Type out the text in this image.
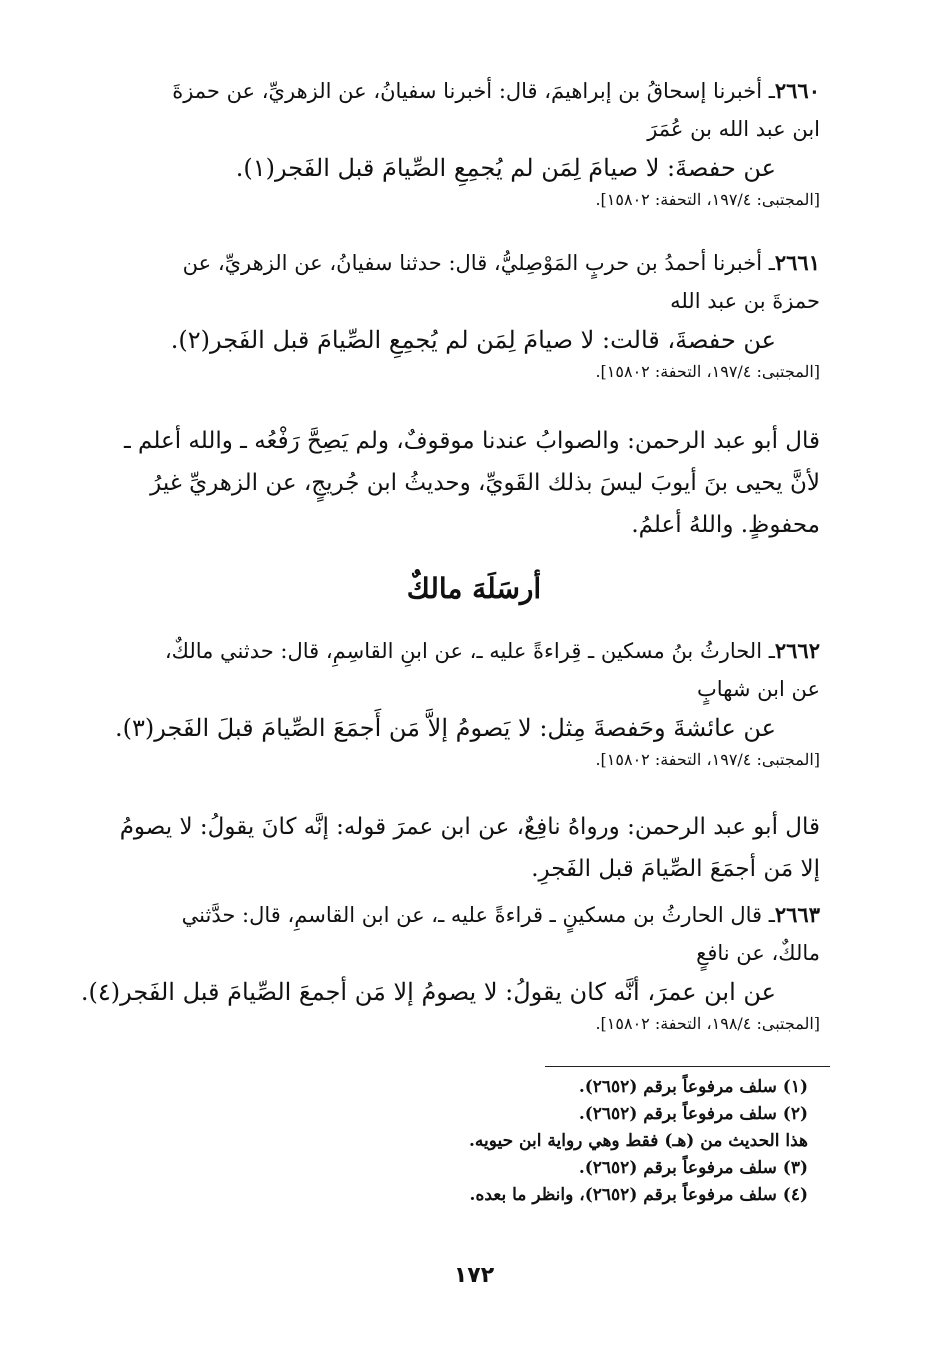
٢٦٦٠ـ أخبرنا إسحاقُ بن إبراهيمَ، قال: أخبرنا سفيانُ، عن الزهريِّ، عن حمزةَ
ابن عبد الله بن عُمَرَ
عن حفصةَ: لا صيامَ لِمَن لم يُجمِعِ الصِّيامَ قبل الفَجر(١).
[المجتبى: ١٩٧/٤، التحفة: ١٥٨٠٢].
٢٦٦١ـ أخبرنا أحمدُ بن حربٍ المَوْصِليُّ، قال: حدثنا سفيانُ، عن الزهريِّ، عن
حمزةَ بن عبد الله
عن حفصةَ، قالت: لا صيامَ لِمَن لم يُجمِعِ الصِّيامَ قبل الفَجر(٢).
[المجتبى: ١٩٧/٤، التحفة: ١٥٨٠٢].
قال أبو عبد الرحمن: والصوابُ عندنا موقوفٌ، ولم يَصِحَّ رَفْعُه ـ والله أعلم ـ
لأنَّ يحيى بنَ أيوبَ ليسَ بذلك القَويِّ، وحديثُ ابن جُريجٍ، عن الزهريِّ غيرُ
محفوظٍ. واللهُ أعلمُ.
أرسَلَهَ مالكٌ
٢٦٦٢ـ الحارثُ بنُ مسكين ـ قِراءةً عليه ـ، عن ابنِ القاسِمِ، قال: حدثني مالكٌ،
عن ابن شهابٍ
عن عائشةَ وحَفصةَ مِثل: لا يَصومُ إلاَّ مَن أَجمَعَ الصِّيامَ قبلَ الفَجر(٣).
[المجتبى: ١٩٧/٤، التحفة: ١٥٨٠٢].
قال أبو عبد الرحمن: ورواهُ نافِعٌ، عن ابن عمرَ قوله: إنَّه كانَ يقولُ: لا يصومُ
إلا مَن أجمَعَ الصِّيامَ قبل الفَجرِ.
٢٦٦٣ـ قال الحارثُ بن مسكينٍ ـ قراءةً عليه ـ، عن ابن القاسمِ، قال: حدَّثني
مالكٌ، عن نافعٍ
عن ابن عمرَ، أنَّه كان يقولُ: لا يصومُ إلا مَن أجمعَ الصِّيامَ قبل الفَجر(٤).
[المجتبى: ١٩٨/٤، التحفة: ١٥٨٠٢].
(١) سلف مرفوعاً برقم (٢٦٥٢).
(٢) سلف مرفوعاً برقم (٢٦٥٢).
هذا الحديث من (هـ) فقط وهي رواية ابن حيويه.
(٣) سلف مرفوعاً برقم (٢٦٥٢).
(٤) سلف مرفوعاً برقم (٢٦٥٢)، وانظر ما بعده.
١٧٢
